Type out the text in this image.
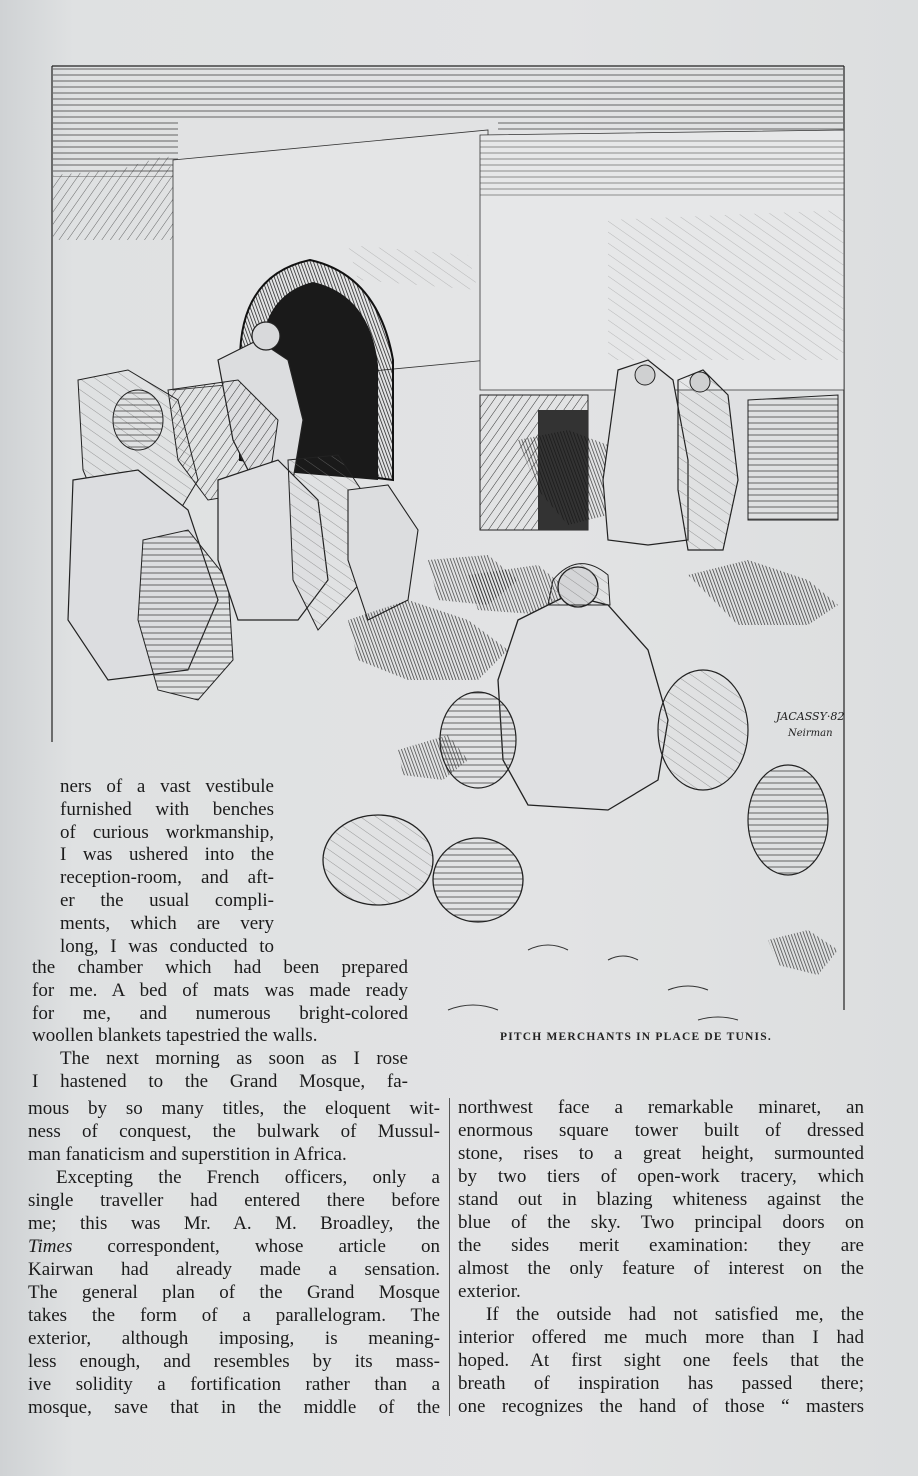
JACASSY·82
Neirman
PITCH MERCHANTS IN PLACE DE TUNIS.
ners of a vast vestibule
furnished with benches
of curious workmanship,
I was ushered into the
reception-room, and aft-
er the usual compli-
ments, which are very
long, I was conducted to
the chamber which had been prepared
for me. A bed of mats was made ready
for me, and numerous bright-colored
woollen blankets tapestried the walls.
The next morning as soon as I rose
I hastened to the Grand Mosque, fa-
mous by so many titles, the eloquent wit-
ness of conquest, the bulwark of Mussul-
man fanaticism and superstition in Africa.
Excepting the French officers, only a
single traveller had entered there before
me; this was Mr. A. M. Broadley, the
Times correspondent, whose article on
Kairwan had already made a sensation.
The general plan of the Grand Mosque
takes the form of a parallelogram. The
exterior, although imposing, is meaning-
less enough, and resembles by its mass-
ive solidity a fortification rather than a
mosque, save that in the middle of the
northwest face a remarkable minaret, an
enormous square tower built of dressed
stone, rises to a great height, surmounted
by two tiers of open-work tracery, which
stand out in blazing whiteness against the
blue of the sky. Two principal doors on
the sides merit examination: they are
almost the only feature of interest on the
exterior.
If the outside had not satisfied me, the
interior offered me much more than I had
hoped. At first sight one feels that the
breath of inspiration has passed there;
one recognizes the hand of those “ masters
